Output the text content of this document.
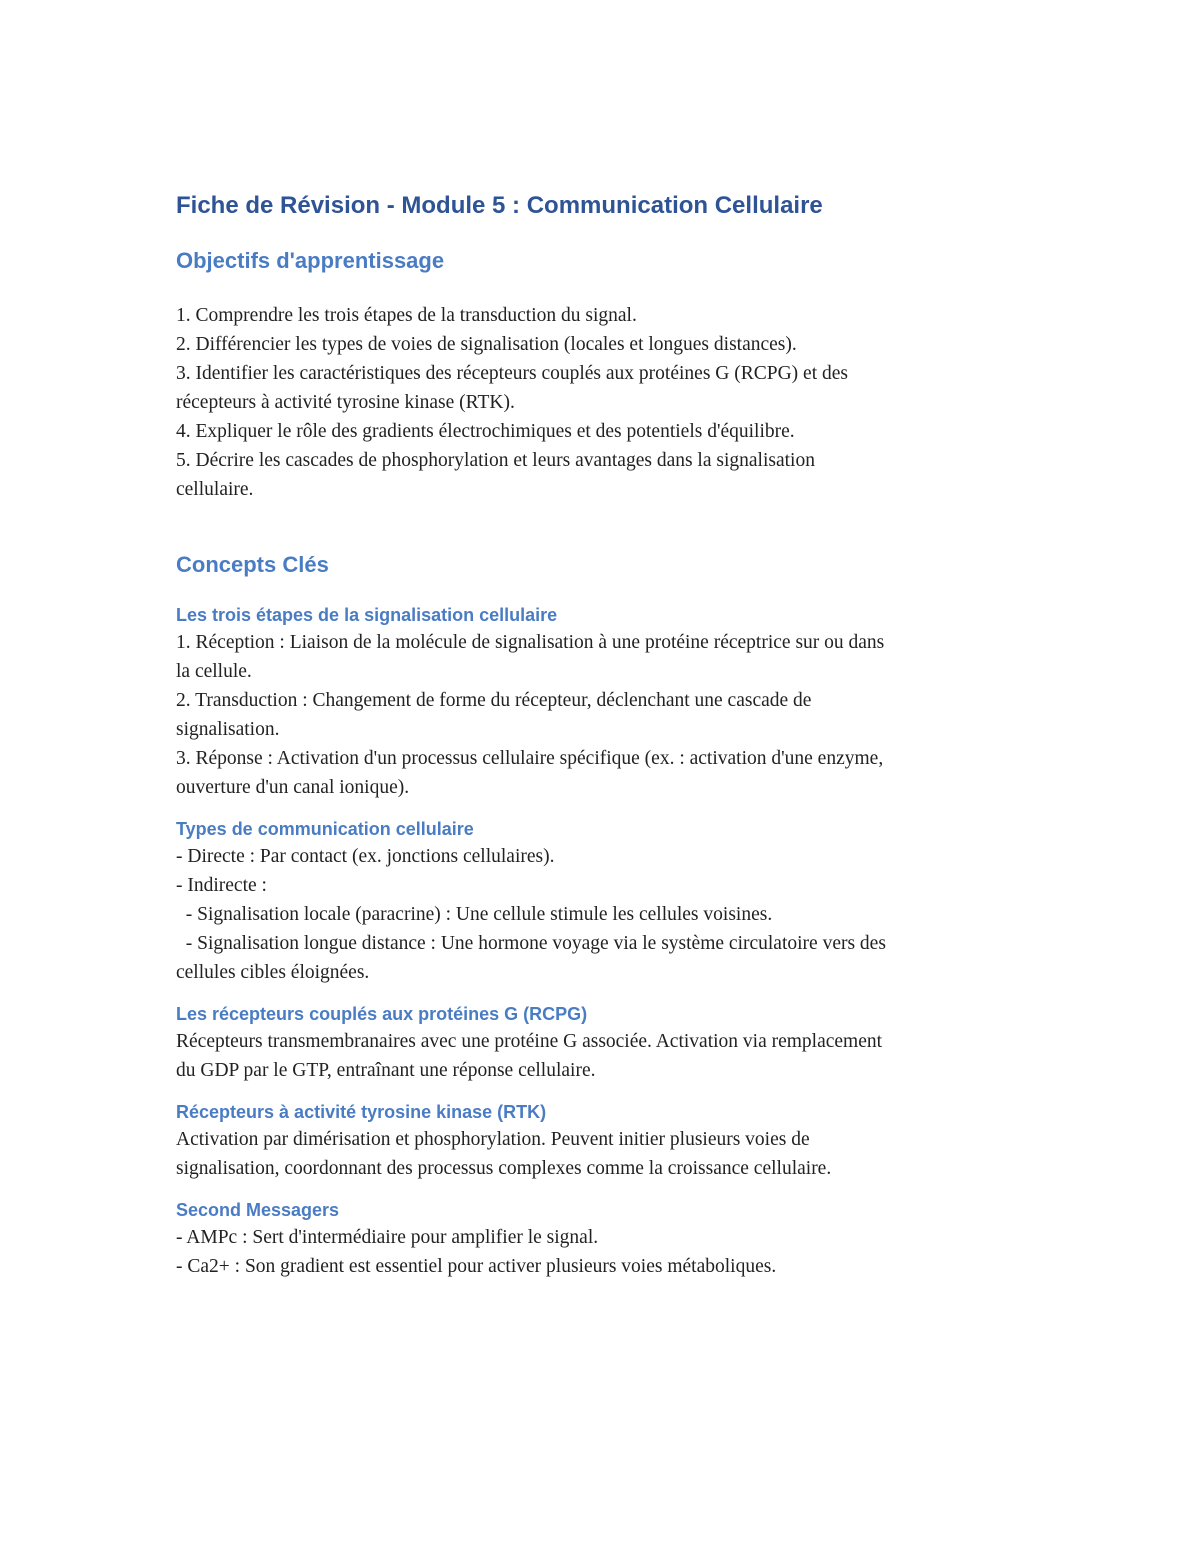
Fiche de Révision - Module 5 : Communication Cellulaire
Objectifs d'apprentissage
1. Comprendre les trois étapes de la transduction du signal.
2. Différencier les types de voies de signalisation (locales et longues distances).
3. Identifier les caractéristiques des récepteurs couplés aux protéines G (RCPG) et des
récepteurs à activité tyrosine kinase (RTK).
4. Expliquer le rôle des gradients électrochimiques et des potentiels d'équilibre.
5. Décrire les cascades de phosphorylation et leurs avantages dans la signalisation
cellulaire.
Concepts Clés
Les trois étapes de la signalisation cellulaire
1. Réception : Liaison de la molécule de signalisation à une protéine réceptrice sur ou dans
la cellule.
2. Transduction : Changement de forme du récepteur, déclenchant une cascade de
signalisation.
3. Réponse : Activation d'un processus cellulaire spécifique (ex. : activation d'une enzyme,
ouverture d'un canal ionique).
Types de communication cellulaire
- Directe : Par contact (ex. jonctions cellulaires).
- Indirecte :
- Signalisation locale (paracrine) : Une cellule stimule les cellules voisines.
- Signalisation longue distance : Une hormone voyage via le système circulatoire vers des
cellules cibles éloignées.
Les récepteurs couplés aux protéines G (RCPG)
Récepteurs transmembranaires avec une protéine G associée. Activation via remplacement
du GDP par le GTP, entraînant une réponse cellulaire.
Récepteurs à activité tyrosine kinase (RTK)
Activation par dimérisation et phosphorylation. Peuvent initier plusieurs voies de
signalisation, coordonnant des processus complexes comme la croissance cellulaire.
Second Messagers
- AMPc : Sert d'intermédiaire pour amplifier le signal.
- Ca2+ : Son gradient est essentiel pour activer plusieurs voies métaboliques.
